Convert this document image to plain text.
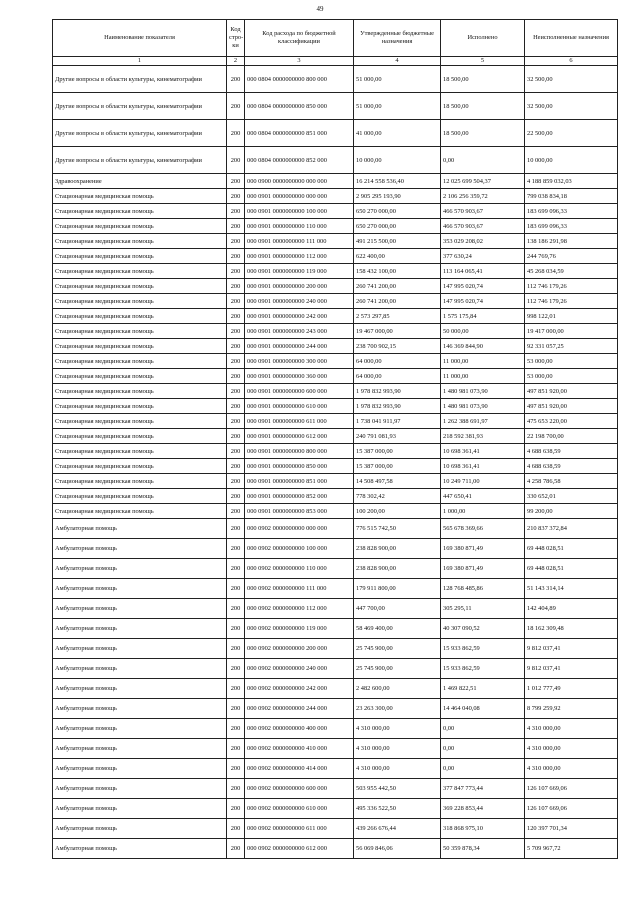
49
Наименование показателя	Код стро-ки	Код расхода по бюджетной классификации	Утвержденные бюджетные назначения	Исполнено	Неисполненные назначения
1	2	3	4	5	6
Другие вопросы в области культуры, кинематографии	200	000 0804 0000000000 800 000	51 000,00	18 500,00	32 500,00
Другие вопросы в области культуры, кинематографии	200	000 0804 0000000000 850 000	51 000,00	18 500,00	32 500,00
Другие вопросы в области культуры, кинематографии	200	000 0804 0000000000 851 000	41 000,00	18 500,00	22 500,00
Другие вопросы в области культуры, кинематографии	200	000 0804 0000000000 852 000	10 000,00	0,00	10 000,00
Здравоохранение	200	000 0900 0000000000 000 000	16 214 558 536,40	12 025 699 504,37	4 188 859 032,03
Стационарная медицинская помощь	200	000 0901 0000000000 000 000	2 905 295 193,90	2 106 256 359,72	799 038 834,18
Стационарная медицинская помощь	200	000 0901 0000000000 100 000	650 270 000,00	466 570 903,67	183 699 096,33
Стационарная медицинская помощь	200	000 0901 0000000000 110 000	650 270 000,00	466 570 903,67	183 699 096,33
Стационарная медицинская помощь	200	000 0901 0000000000 111 000	491 215 500,00	353 029 208,02	138 186 291,98
Стационарная медицинская помощь	200	000 0901 0000000000 112 000	622 400,00	377 630,24	244 769,76
Стационарная медицинская помощь	200	000 0901 0000000000 119 000	158 432 100,00	113 164 065,41	45 268 034,59
Стационарная медицинская помощь	200	000 0901 0000000000 200 000	260 741 200,00	147 995 020,74	112 746 179,26
Стационарная медицинская помощь	200	000 0901 0000000000 240 000	260 741 200,00	147 995 020,74	112 746 179,26
Стационарная медицинская помощь	200	000 0901 0000000000 242 000	2 573 297,85	1 575 175,84	998 122,01
Стационарная медицинская помощь	200	000 0901 0000000000 243 000	19 467 000,00	50 000,00	19 417 000,00
Стационарная медицинская помощь	200	000 0901 0000000000 244 000	238 700 902,15	146 369 844,90	92 331 057,25
Стационарная медицинская помощь	200	000 0901 0000000000 300 000	64 000,00	11 000,00	53 000,00
Стационарная медицинская помощь	200	000 0901 0000000000 360 000	64 000,00	11 000,00	53 000,00
Стационарная медицинская помощь	200	000 0901 0000000000 600 000	1 978 832 993,90	1 480 981 073,90	497 851 920,00
Стационарная медицинская помощь	200	000 0901 0000000000 610 000	1 978 832 993,90	1 480 981 073,90	497 851 920,00
Стационарная медицинская помощь	200	000 0901 0000000000 611 000	1 738 041 911,97	1 262 388 691,97	475 653 220,00
Стационарная медицинская помощь	200	000 0901 0000000000 612 000	240 791 081,93	218 592 381,93	22 198 700,00
Стационарная медицинская помощь	200	000 0901 0000000000 800 000	15 387 000,00	10 698 361,41	4 688 638,59
Стационарная медицинская помощь	200	000 0901 0000000000 850 000	15 387 000,00	10 698 361,41	4 688 638,59
Стационарная медицинская помощь	200	000 0901 0000000000 851 000	14 508 497,58	10 249 711,00	4 258 786,58
Стационарная медицинская помощь	200	000 0901 0000000000 852 000	778 302,42	447 650,41	330 652,01
Стационарная медицинская помощь	200	000 0901 0000000000 853 000	100 200,00	1 000,00	99 200,00
Амбулаторная помощь	200	000 0902 0000000000 000 000	776 515 742,50	565 678 369,66	210 837 372,84
Амбулаторная помощь	200	000 0902 0000000000 100 000	238 828 900,00	169 380 871,49	69 448 028,51
Амбулаторная помощь	200	000 0902 0000000000 110 000	238 828 900,00	169 380 871,49	69 448 028,51
Амбулаторная помощь	200	000 0902 0000000000 111 000	179 911 800,00	128 768 485,86	51 143 314,14
Амбулаторная помощь	200	000 0902 0000000000 112 000	447 700,00	305 295,11	142 404,89
Амбулаторная помощь	200	000 0902 0000000000 119 000	58 469 400,00	40 307 090,52	18 162 309,48
Амбулаторная помощь	200	000 0902 0000000000 200 000	25 745 900,00	15 933 862,59	9 812 037,41
Амбулаторная помощь	200	000 0902 0000000000 240 000	25 745 900,00	15 933 862,59	9 812 037,41
Амбулаторная помощь	200	000 0902 0000000000 242 000	2 482 600,00	1 469 822,51	1 012 777,49
Амбулаторная помощь	200	000 0902 0000000000 244 000	23 263 300,00	14 464 040,08	8 799 259,92
Амбулаторная помощь	200	000 0902 0000000000 400 000	4 310 000,00	0,00	4 310 000,00
Амбулаторная помощь	200	000 0902 0000000000 410 000	4 310 000,00	0,00	4 310 000,00
Амбулаторная помощь	200	000 0902 0000000000 414 000	4 310 000,00	0,00	4 310 000,00
Амбулаторная помощь	200	000 0902 0000000000 600 000	503 955 442,50	377 847 773,44	126 107 669,06
Амбулаторная помощь	200	000 0902 0000000000 610 000	495 336 522,50	369 228 853,44	126 107 669,06
Амбулаторная помощь	200	000 0902 0000000000 611 000	439 266 676,44	318 868 975,10	120 397 701,34
Амбулаторная помощь	200	000 0902 0000000000 612 000	56 069 846,06	50 359 878,34	5 709 967,72
